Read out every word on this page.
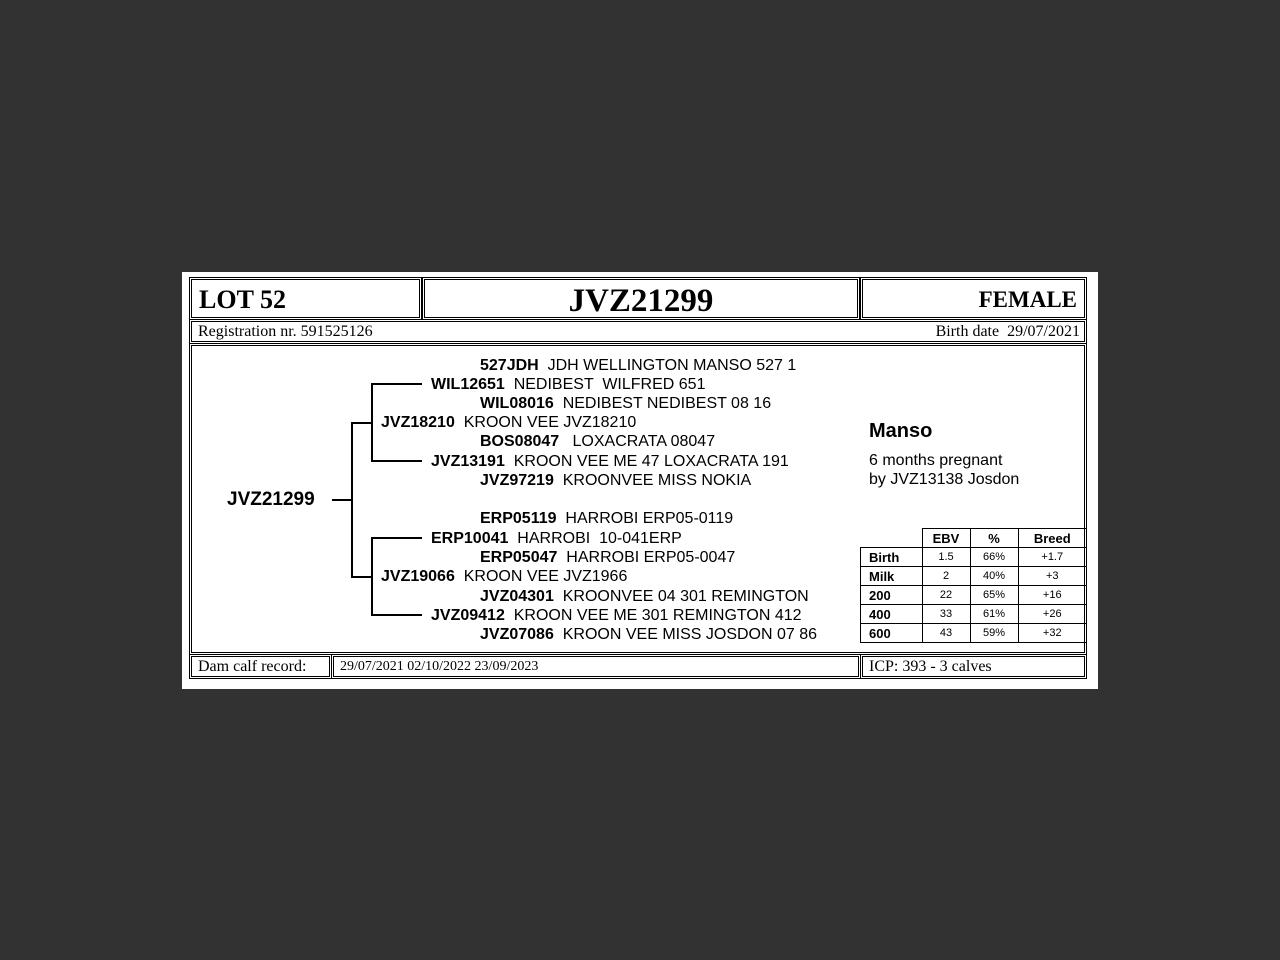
LOT 52	JVZ21299	FEMALE
Registration nr. 591525126	Birth date  29/07/2021
JVZ21299
JVZ18210 KROON VEE JVZ18210
JVZ19066 KROON VEE JVZ1966
WIL12651 NEDIBEST  WILFRED 651
JVZ13191 KROON VEE ME 47 LOXACRATA 191
ERP10041 HARROBI  10-041ERP
JVZ09412 KROON VEE ME 301 REMINGTON 412
527JDH JDH WELLINGTON MANSO 527 1
WIL08016 NEDIBEST NEDIBEST 08 16
BOS08047   LOXACRATA 08047
JVZ97219 KROONVEE MISS NOKIA
ERP05119 HARROBI ERP05-0119
ERP05047 HARROBI ERP05-0047
JVZ04301 KROONVEE 04 301 REMINGTON
JVZ07086 KROON VEE MISS JOSDON 07 86
Manso
6 months pregnant
by JVZ13138 Josdon
	EBV	%	Breed
Birth	1.5	66%	+1.7
Milk	2	40%	+3
200	22	65%	+16
400	33	61%	+26
600	43	59%	+32
Dam calf record: 29/07/2021 02/10/2022 23/09/2023	ICP: 393 - 3 calves
